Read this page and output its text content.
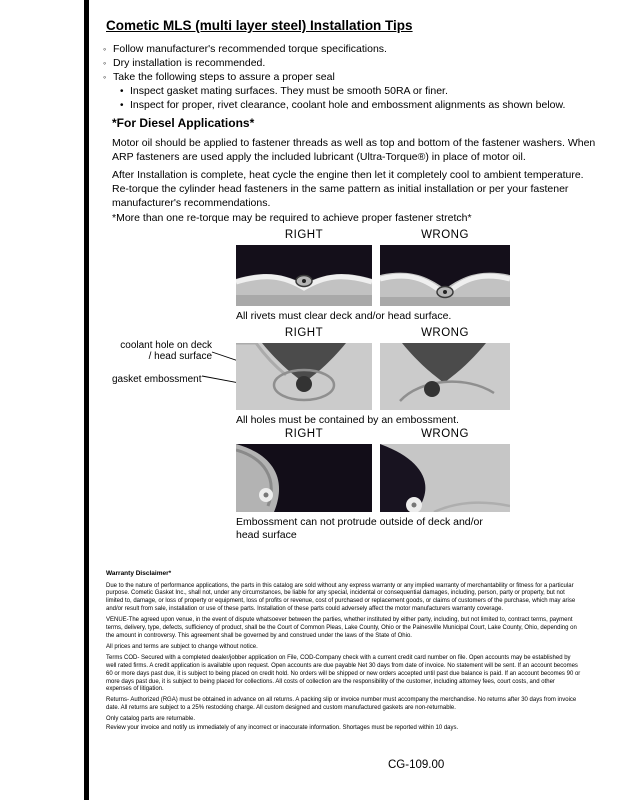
Cometic MLS (multi layer steel) Installation Tips
◦ Follow manufacturer's recommended torque specifications.
◦ Dry installation is recommended.
◦ Take the following steps to assure a proper seal
• Inspect gasket mating surfaces. They must be smooth 50RA or finer.
• Inspect for proper, rivet clearance, coolant hole and embossment alignments as shown below.
*For Diesel Applications*
Motor oil should be applied to fastener threads as well as top and bottom of the fastener washers. When ARP fasteners are used apply the included lubricant (Ultra-Torque®) in place of motor oil.
After Installation is complete, heat cycle the engine then let it completely cool to ambient temperature. Re-torque the cylinder head fasteners in the same pattern as initial installation or per your fastener manufacturer's recommendations.
*More than one re-torque may be required to achieve proper fastener stretch*
RIGHT	WRONG
All rivets must clear deck and/or head surface.
RIGHT	WRONG
coolant hole on deck / head surface
gasket embossment
All holes must be contained by an embossment.
RIGHT	WRONG
Embossment can not protrude outside of deck and/or head surface
Warranty Disclaimer*

Due to the nature of performance applications, the parts in this catalog are sold without any express warranty or any implied warranty of merchantability or fitness for a particular purpose. Cometic Gasket Inc., shall not, under any circumstances, be liable for any special, incidental or consequential damages, including, person, party or property, but not limited to, damage, or loss of property or equipment, loss of profits or revenue, cost of purchased or replacement goods, or claims of customers of the purchase, which may arise and/or result from sale, installation or use of these parts. Installation of these parts could adversely affect the motor manufacturers warranty coverage.

VENUE-The agreed upon venue, in the event of dispute whatsoever between the parties, whether instituted by either party, including, but not limited to, contract terms, payment terms, delivery, type, defects, sufficiency of product, shall be the Court of Common Pleas, Lake County, Ohio or the Painesville Municipal Court, Lake County, Ohio, depending on the amount in controversy. This agreement shall be governed by and construed under the laws of the State of Ohio.

All prices and terms are subject to change without notice.

Terms COD- Secured with a completed dealer/jobber application on File, COD-Company check with a current credit card number on file. Open accounts may be established by well rated firms. A credit application is available upon request. Open accounts are due payable Net 30 days from date of invoice. No statement will be sent. If an account becomes 60 or more days past due, it is subject to being placed on credit hold. No orders will be shipped or new orders accepted until past due balance is paid. If an account becomes 90 or more days past due, it is subject to being placed for collections. All costs of collection are the responsibility of the customer, including attorney fees, court costs, and other expenses of litigation.

Returns- Authorized (RGA) must be obtained in advance on all returns. A packing slip or invoice number must accompany the merchandise. No returns after 30 days from invoice date. All returns are subject to a 25% restocking charge. All custom designed and custom manufactured gaskets are non-returnable.

Only catalog parts are returnable.

Review your invoice and notify us immediately of any incorrect or inaccurate information. Shortages must be reported within 10 days.

CG-109.00
